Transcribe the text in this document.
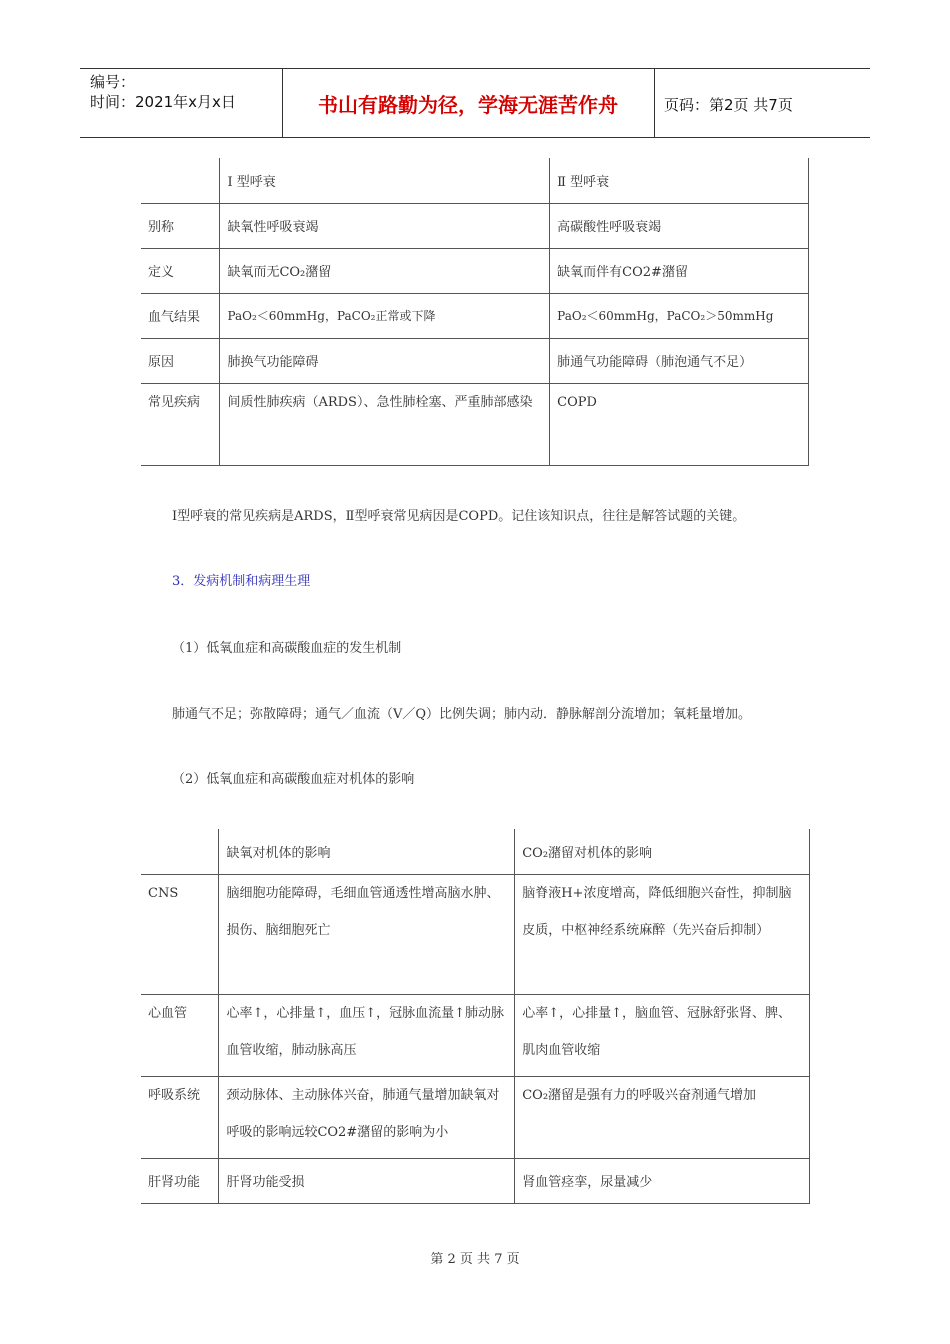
编号：
时间：2021年x月x日	书山有路勤为径，学海无涯苦作舟	页码：第2页 共7页
	Ⅰ 型呼衰	Ⅱ 型呼衰
别称	缺氧性呼吸衰竭	高碳酸性呼吸衰竭
定义	缺氧而无CO₂潴留	缺氧而伴有CO2#潴留
血气结果	PaO₂＜60mmHg，PaCO₂正常或下降	PaO₂＜60mmHg，PaCO₂＞50mmHg
原因	肺换气功能障碍	肺通气功能障碍（肺泡通气不足）
常见疾病	间质性肺疾病（ARDS）、急性肺栓塞、严重肺部感染	COPD
Ⅰ型呼衰的常见疾病是ARDS，Ⅱ型呼衰常见病因是COPD。记住该知识点，往往是解答试题的关键。
3．发病机制和病理生理
（1）低氧血症和高碳酸血症的发生机制
肺通气不足；弥散障碍；通气／血流（V／Q）比例失调；肺内动．静脉解剖分流增加；氧耗量增加。
（2）低氧血症和高碳酸血症对机体的影响
	缺氧对机体的影响	CO₂潴留对机体的影响
CNS	脑细胞功能障碍，毛细血管通透性增高脑水肿、损伤、脑细胞死亡	脑脊液H+浓度增高，降低细胞兴奋性，抑制脑皮质，中枢神经系统麻醉（先兴奋后抑制）
心血管	心率↑，心排量↑，血压↑，冠脉血流量↑肺动脉血管收缩，肺动脉高压	心率↑，心排量↑，脑血管、冠脉舒张肾、脾、肌肉血管收缩
呼吸系统	颈动脉体、主动脉体兴奋，肺通气量增加缺氧对呼吸的影响远较CO2#潴留的影响为小	CO₂潴留是强有力的呼吸兴奋剂通气增加
肝肾功能	肝肾功能受损	肾血管痉挛，尿量减少
第 2 页 共 7 页
